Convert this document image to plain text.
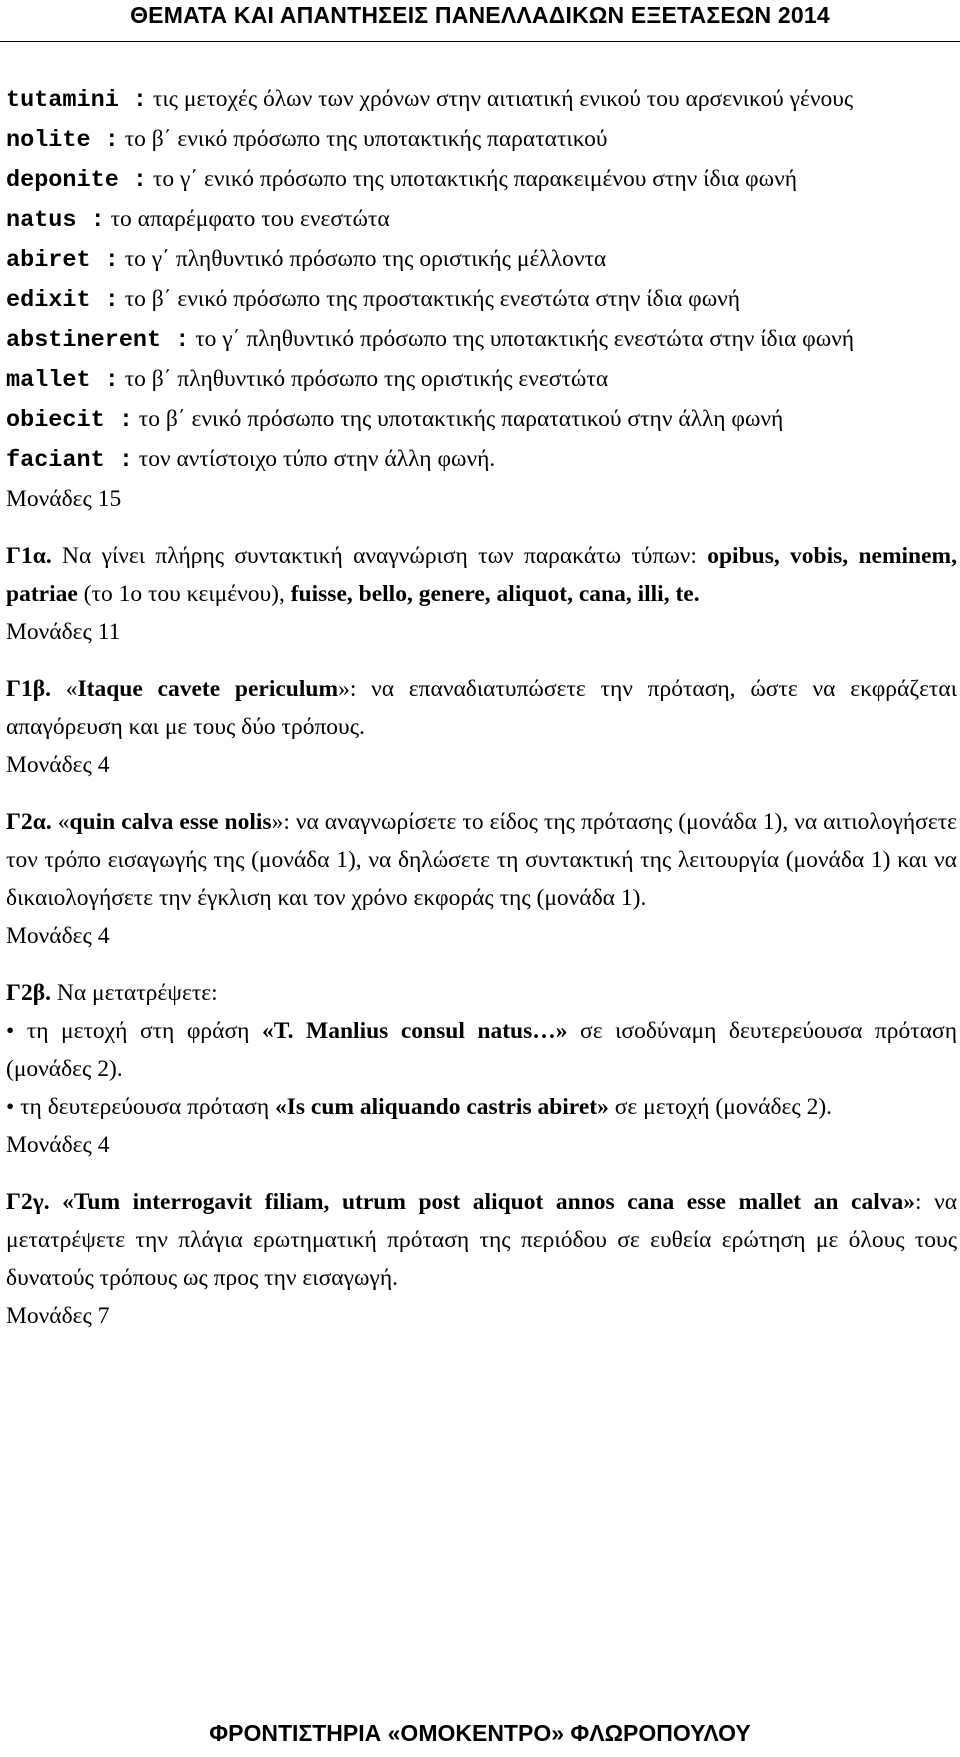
ΘΕΜΑΤΑ ΚΑΙ ΑΠΑΝΤΗΣΕΙΣ ΠΑΝΕΛΛΑΔΙΚΩΝ ΕΞΕΤΑΣΕΩΝ 2014

tutamini : τις μετοχές όλων των χρόνων στην αιτιατική ενικού του αρσενικού γένους

nolite : το β΄ ενικό πρόσωπο της υποτακτικής παρατατικού

deponite : το γ΄ ενικό πρόσωπο της υποτακτικής παρακειμένου στην ίδια φωνή

natus : το απαρέμφατο του ενεστώτα

abiret : το γ΄ πληθυντικό πρόσωπο της οριστικής μέλλοντα

edixit : το β΄ ενικό πρόσωπο της προστακτικής ενεστώτα στην ίδια φωνή

abstinerent : το γ΄ πληθυντικό πρόσωπο της υποτακτικής ενεστώτα στην ίδια φωνή

mallet : το β΄ πληθυντικό πρόσωπο της οριστικής ενεστώτα

obiecit : το β΄ ενικό πρόσωπο της υποτακτικής παρατατικού στην άλλη φωνή

faciant : τον αντίστοιχο τύπο στην άλλη φωνή.

Μονάδες 15

Γ1α. Να γίνει πλήρης συντακτική αναγνώριση των παρακάτω τύπων: opibus, vobis, neminem, patriae (το 1ο του κειμένου), fuisse, bello, genere, aliquot, cana, illi, te.

Μονάδες 11

Γ1β. «Itaque cavete periculum»: να επαναδιατυπώσετε την πρόταση, ώστε να εκφράζεται απαγόρευση και με τους δύο τρόπους.

Μονάδες 4

Γ2α. «quin calva esse nolis»: να αναγνωρίσετε το είδος της πρότασης (μονάδα 1), να αιτιολογήσετε τον τρόπο εισαγωγής της (μονάδα 1), να δηλώσετε τη συντακτική της λειτουργία (μονάδα 1) και να δικαιολογήσετε την έγκλιση και τον χρόνο εκφοράς της (μονάδα 1).

Μονάδες 4

Γ2β. Να μετατρέψετε:

• τη μετοχή στη φράση «T. Manlius consul natus…» σε ισοδύναμη δευτερεύουσα πρόταση (μονάδες 2).

• τη δευτερεύουσα πρόταση «Is cum aliquando castris abiret» σε μετοχή (μονάδες 2).

Μονάδες 4

Γ2γ. «Tum interrogavit filiam, utrum post aliquot annos cana esse mallet an calva»: να μετατρέψετε την πλάγια ερωτηματική πρόταση της περιόδου σε ευθεία ερώτηση με όλους τους δυνατούς τρόπους ως προς την εισαγωγή.

Μονάδες 7

ΦΡΟΝΤΙΣΤΗΡΙΑ «ΟΜΟΚΕΝΤΡΟ» ΦΛΩΡΟΠΟΥΛΟΥ
